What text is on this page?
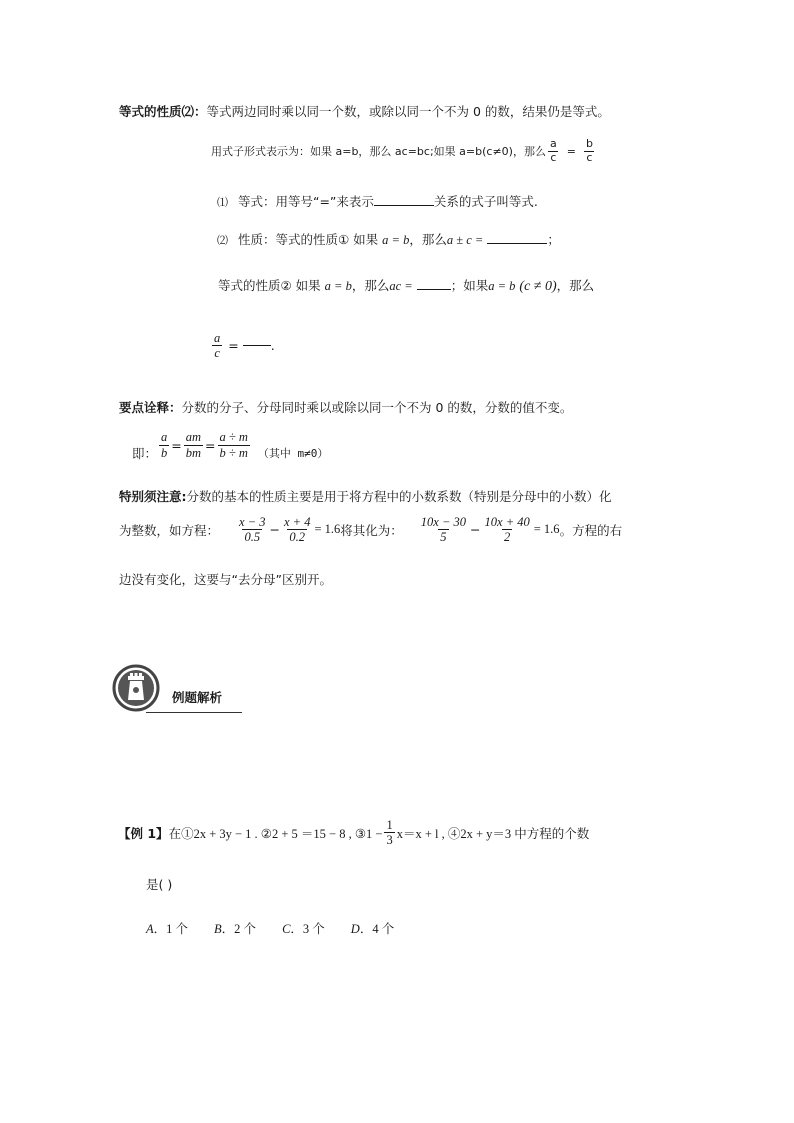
等式的性质⑵：等式两边同时乘以同一个数，或除以同一个不为 0 的数，结果仍是等式。
用式子形式表示为：如果 a=b，那么 ac=bc;如果 a=b(c≠0)，那么 $\frac{a}{c} = \frac{b}{c}$
⑴ 等式：用等号“=”来表示	关系的式子叫等式.
⑵ 性质：等式的性质① 如果 a = b，那么a ± c =	；
等式的性质② 如果 a = b，那么ac =	；如果a = b (c ≠ 0)，那么
$\frac{a}{c}$ =	.
要点诠释：分数的分子、分母同时乘以或除以同一个不为 0 的数，分数的值不变。
即： $\frac{a}{b} = \frac{am}{bm} = \frac{a \div m}{b \div m}$ （其中 m≠0）
特别须注意:分数的基本的性质主要是用于将方程中的小数系数（特别是分母中的小数）化
为整数，如方程： $\frac{x - 3}{0.5} - \frac{x + 4}{0.2} = 1.6$ 将其化为： $\frac{10x - 30}{5} - \frac{10x + 40}{2} = 1.6$ 。方程的右
边没有变化，这要与“去分母”区别开。
例题解析
【例 1】 在①2x + 3y − 1 . ②2 + 5 ＝15 − 8 , ③1 − $\frac{1}{3} x=x + l$ , ④2x + y＝3 中方程的个数
是( )
A．1 个 B．2 个 C．3 个 D．4 个
